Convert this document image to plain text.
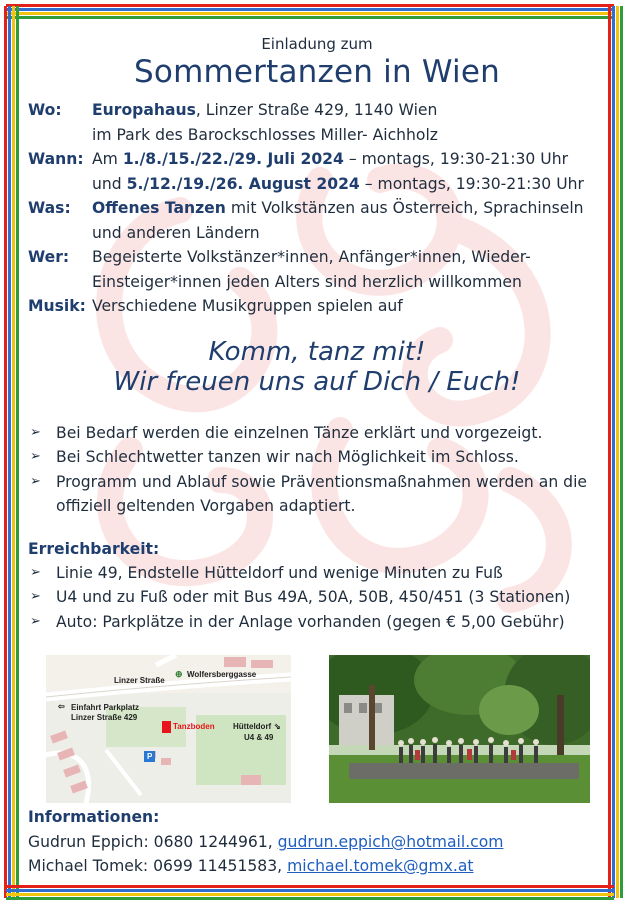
Einladung zum
Sommertanzen in Wien
Wo:	Europahaus, Linzer Straße 429, 1140 Wien
im Park des Barockschlosses Miller- Aichholz
Wann: Am 1./8./15./22./29. Juli 2024 – montags, 19:30-21:30 Uhr
und 5./12./19./26. August 2024 – montags, 19:30-21:30 Uhr
Was:	Offenes Tanzen mit Volkstänzen aus Österreich, Sprachinseln
und anderen Ländern
Wer:	Begeisterte Volkstänzer*innen, Anfänger*innen, Wieder-
Einsteiger*innen jeden Alters sind herzlich willkommen
Musik: Verschiedene Musikgruppen spielen auf
Komm, tanz mit!
Wir freuen uns auf Dich / Euch!
➢ Bei Bedarf werden die einzelnen Tänze erklärt und vorgezeigt.
➢ Bei Schlechtwetter tanzen wir nach Möglichkeit im Schloss.
➢ Programm und Ablauf sowie Präventionsmaßnahmen werden an die offiziell geltenden Vorgaben adaptiert.
Erreichbarkeit:
➢ Linie 49, Endstelle Hütteldorf und wenige Minuten zu Fuß
➢ U4 und zu Fuß oder mit Bus 49A, 50A, 50B, 450/451 (3 Stationen)
➢ Auto: Parkplätze in der Anlage vorhanden (gegen € 5,00 Gebühr)
Linzer Straße
⊕ Wolfersberggasse
⇦ Einfahrt Parkplatz
Linzer Straße 429
Tanzboden Hütteldorf
U4 & 49
⇘
P
Informationen:
Gudrun Eppich: 0680 1244961, gudrun.eppich@hotmail.com
Michael Tomek: 0699 11451583, michael.tomek@gmx.at
